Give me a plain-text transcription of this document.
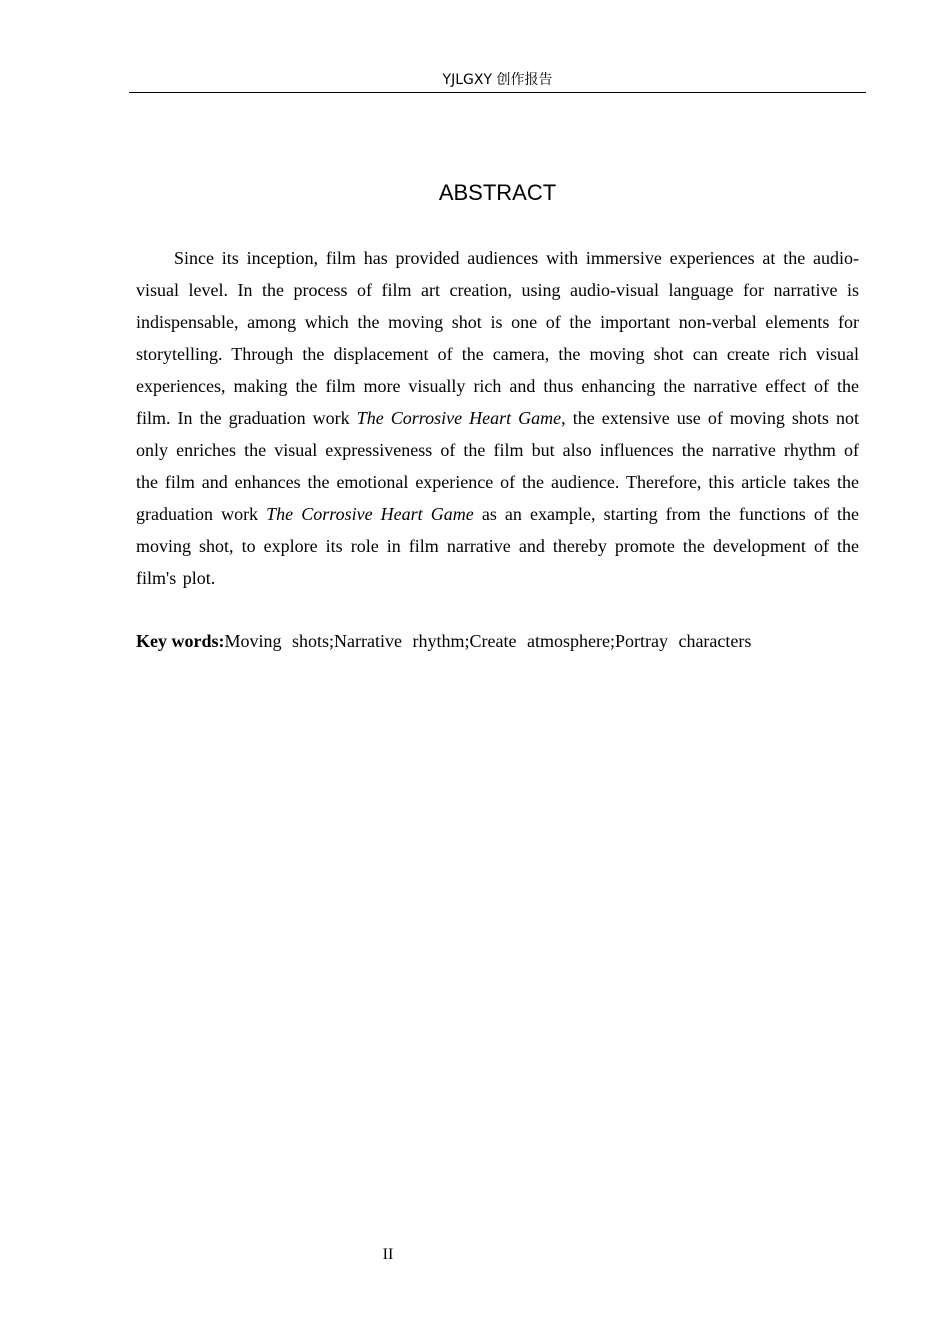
YJLGXY 创作报告
ABSTRACT

Since its inception, film has provided audiences with immersive experiences at the audio-visual level. In the process of film art creation, using audio-visual language for narrative is indispensable, among which the moving shot is one of the important non-verbal elements for storytelling. Through the displacement of the camera, the moving shot can create rich visual experiences, making the film more visually rich and thus enhancing the narrative effect of the film. In the graduation work The Corrosive Heart Game, the extensive use of moving shots not only enriches the visual expressiveness of the film but also influences the narrative rhythm of the film and enhances the emotional experience of the audience. Therefore, this article takes the graduation work The Corrosive Heart Game as an example, starting from the functions of the moving shot, to explore its role in film narrative and thereby promote the development of the film's plot.

Key words:Moving shots;Narrative rhythm;Create atmosphere;Portray characters

II
